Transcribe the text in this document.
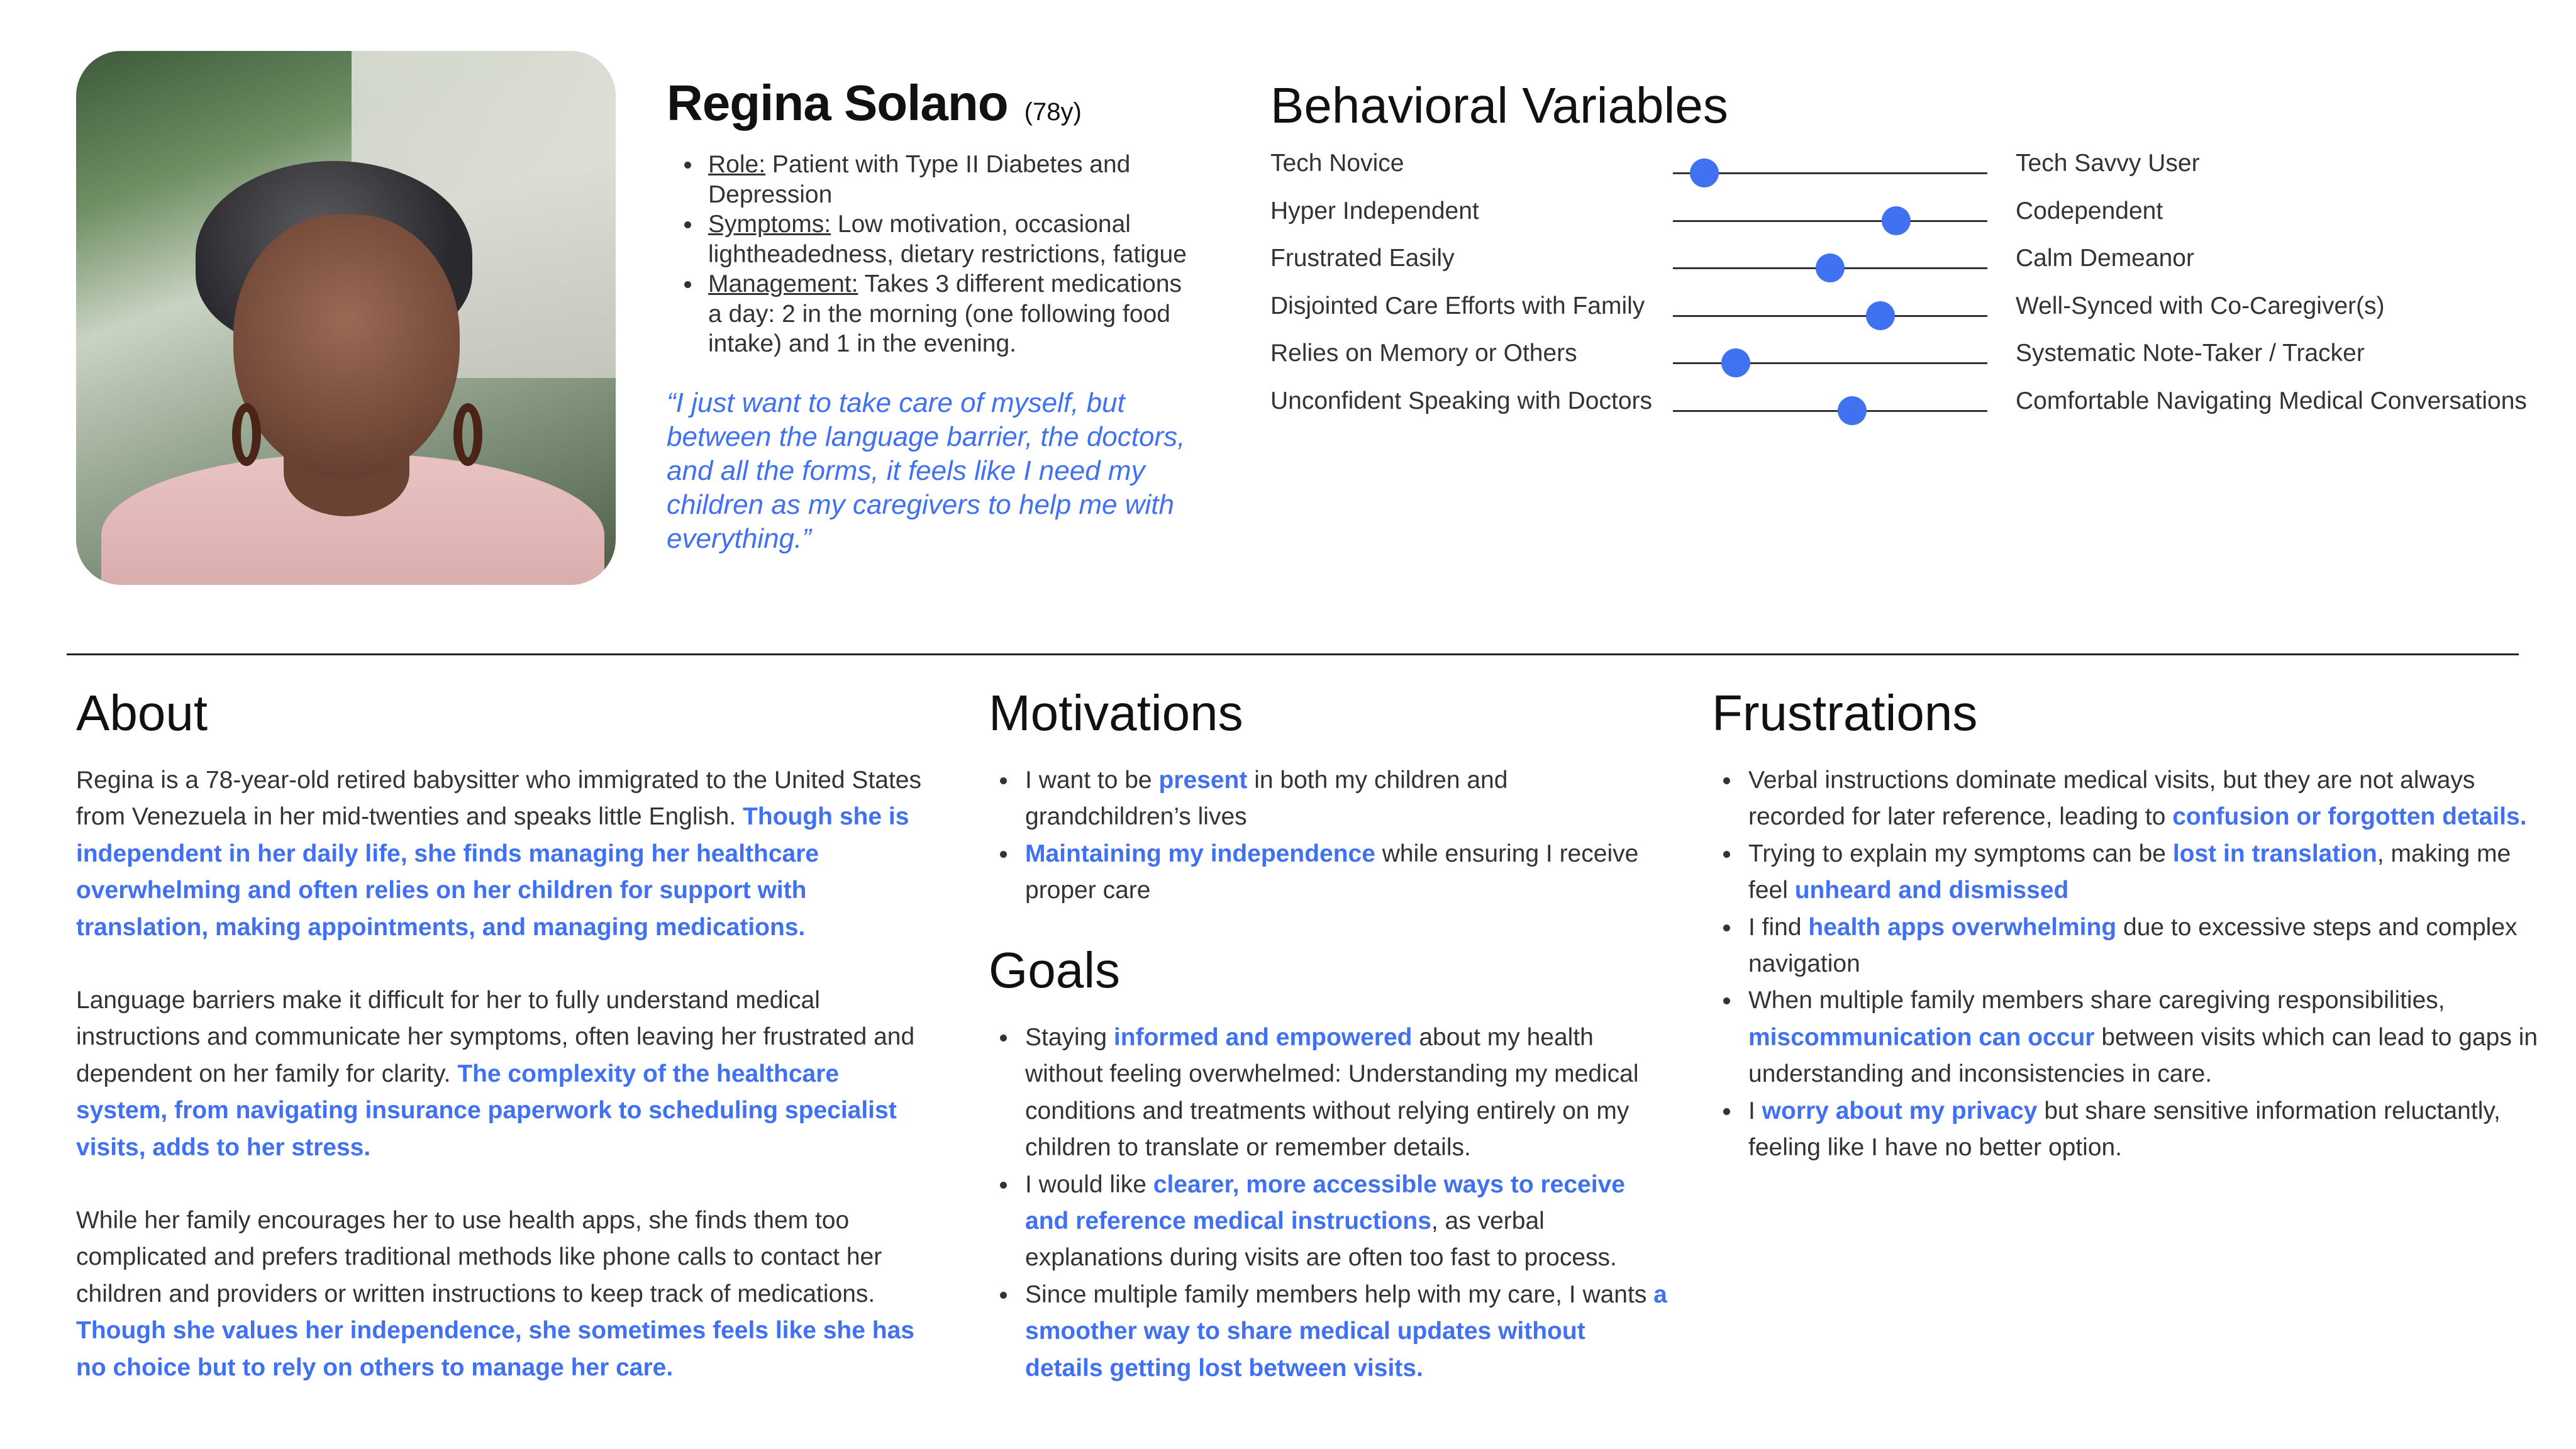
Regina Solano (78y)
Role: Patient with Type II Diabetes and Depression
Symptoms: Low motivation, occasional lightheadedness, dietary restrictions, fatigue
Management: Takes 3 different medications a day: 2 in the morning (one following food intake) and 1 in the evening.
“I just want to take care of myself, but between the language barrier, the doctors, and all the forms, it feels like I need my children as my caregivers to help me with everything.”
Behavioral Variables
Tech Novice	Tech Savvy User
Hyper Independent	Codependent
Frustrated Easily	Calm Demeanor
Disjointed Care Efforts with Family	Well-Synced with Co-Caregiver(s)
Relies on Memory or Others	Systematic Note-Taker / Tracker
Unconfident Speaking with Doctors	Comfortable Navigating Medical Conversations
About
Regina is a 78-year-old retired babysitter who immigrated to the United States from Venezuela in her mid-twenties and speaks little English. Though she is independent in her daily life, she finds managing her healthcare overwhelming and often relies on her children for support with translation, making appointments, and managing medications.
Language barriers make it difficult for her to fully understand medical instructions and communicate her symptoms, often leaving her frustrated and dependent on her family for clarity. The complexity of the healthcare system, from navigating insurance paperwork to scheduling specialist visits, adds to her stress.
While her family encourages her to use health apps, she finds them too complicated and prefers traditional methods like phone calls to contact her children and providers or written instructions to keep track of medications. Though she values her independence, she sometimes feels like she has no choice but to rely on others to manage her care.
Motivations
I want to be present in both my children and grandchildren’s lives
Maintaining my independence while ensuring I receive proper care
Goals
Staying informed and empowered about my health without feeling overwhelmed: Understanding my medical conditions and treatments without relying entirely on my children to translate or remember details.
I would like clearer, more accessible ways to receive and reference medical instructions, as verbal explanations during visits are often too fast to process.
Since multiple family members help with my care, I wants a smoother way to share medical updates without details getting lost between visits.
Frustrations
Verbal instructions dominate medical visits, but they are not always recorded for later reference, leading to confusion or forgotten details.
Trying to explain my symptoms can be lost in translation, making me feel unheard and dismissed
I find health apps overwhelming due to excessive steps and complex navigation
When multiple family members share caregiving responsibilities, miscommunication can occur between visits which can lead to gaps in understanding and inconsistencies in care.
I worry about my privacy but share sensitive information reluctantly, feeling like I have no better option.
